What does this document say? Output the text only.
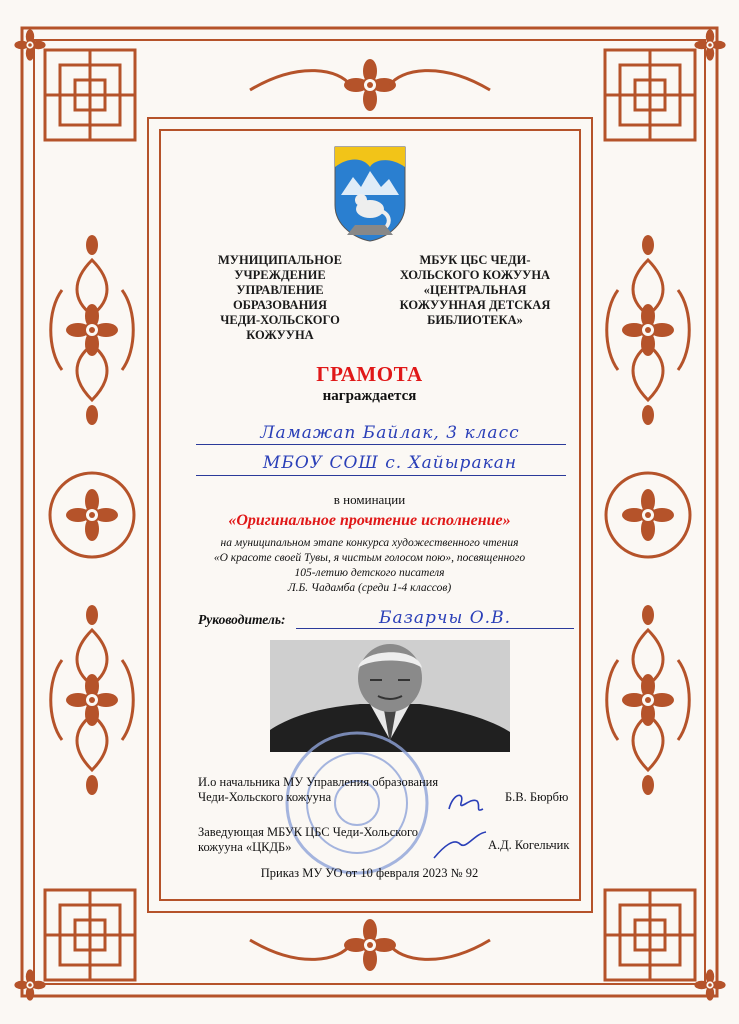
МУНИЦИПАЛЬНОЕ
УЧРЕЖДЕНИЕ
УПРАВЛЕНИЕ
ОБРАЗОВАНИЯ
ЧЕДИ-ХОЛЬСКОГО
КОЖУУНА
МБУК ЦБС ЧЕДИ-
ХОЛЬСКОГО КОЖУУНА
«ЦЕНТРАЛЬНАЯ
КОЖУУННАЯ ДЕТСКАЯ
БИБЛИОТЕКА»
ГРАМОТА
награждается
Ламажап Байлак, 3 класс
МБОУ СОШ с. Хайыракан
в номинации
«Оригинальное прочтение исполнение»
на муниципальном этапе конкурса художественного чтения
«О красоте своей Тувы, я чистым голосом пою», посвященного
105-летию детского писателя
Л.Б. Чадамба (среди 1-4 классов)
Руководитель:	Базарчы О.В.
И.о начальника МУ Управления образования
Чеди-Хольского кожууна	Б.В. Бюрбю
Заведующая МБУК ЦБС Чеди-Хольского
кожууна «ЦКДБ»	А.Д. Когельчик
Приказ МУ УО от 10 февраля 2023 № 92
